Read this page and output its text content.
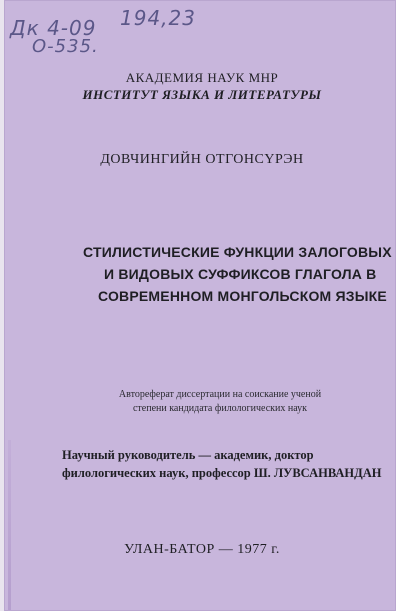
Дк 4-09 194,23
О-535.
АКАДЕМИЯ НАУК МНР
ИНСТИТУТ ЯЗЫКА И ЛИТЕРАТУРЫ
ДОВЧИНГИЙН ОТГОНСҮРЭН
СТИЛИСТИЧЕСКИЕ ФУНКЦИИ ЗАЛОГОВЫХ
И ВИДОВЫХ СУФФИКСОВ ГЛАГОЛА В
СОВРЕМЕННОМ МОНГОЛЬСКОМ ЯЗЫКЕ
Автореферат диссертации на соискание ученой
степени кандидата филологических наук
Научный руководитель — академик, доктор
филологических наук, профессор Ш. ЛУВСАНВАНДАН
УЛАН-БАТОР — 1977 г.
